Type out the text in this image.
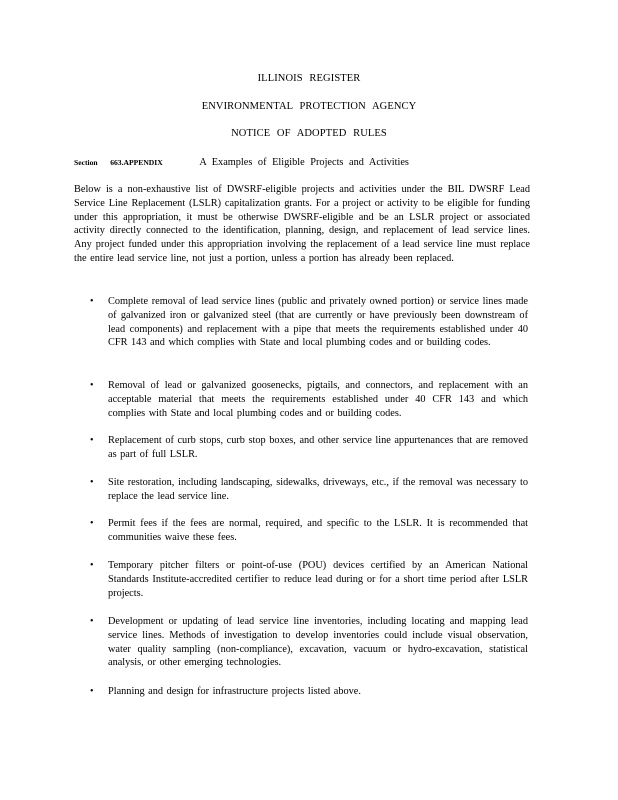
ILLINOIS REGISTER
ENVIRONMENTAL PROTECTION AGENCY
NOTICE OF ADOPTED RULES
Section 663.APPENDIX	A Examples of Eligible Projects and Activities
Below is a non-exhaustive list of DWSRF-eligible projects and activities under the BIL DWSRF Lead Service Line Replacement (LSLR) capitalization grants. For a project or activity to be eligible for funding under this appropriation, it must be otherwise DWSRF-eligible and be an LSLR project or associated activity directly connected to the identification, planning, design, and replacement of lead service lines. Any project funded under this appropriation involving the replacement of a lead service line must replace the entire lead service line, not just a portion, unless a portion has already been replaced.
•	Complete removal of lead service lines (public and privately owned portion) or service lines made of galvanized iron or galvanized steel (that are currently or have previously been downstream of lead components) and replacement with a pipe that meets the requirements established under 40 CFR 143 and which complies with State and local plumbing codes and or building codes.
•	Removal of lead or galvanized goosenecks, pigtails, and connectors, and replacement with an acceptable material that meets the requirements established under 40 CFR 143 and which complies with State and local plumbing codes and or building codes.
•	Replacement of curb stops, curb stop boxes, and other service line appurtenances that are removed as part of full LSLR.
•	Site restoration, including landscaping, sidewalks, driveways, etc., if the removal was necessary to replace the lead service line.
•	Permit fees if the fees are normal, required, and specific to the LSLR. It is recommended that communities waive these fees.
•	Temporary pitcher filters or point-of-use (POU) devices certified by an American National Standards Institute-accredited certifier to reduce lead during or for a short time period after LSLR projects.
•	Development or updating of lead service line inventories, including locating and mapping lead service lines. Methods of investigation to develop inventories could include visual observation, water quality sampling (non-compliance), excavation, vacuum or hydro-excavation, statistical analysis, or other emerging technologies.
•	Planning and design for infrastructure projects listed above.
